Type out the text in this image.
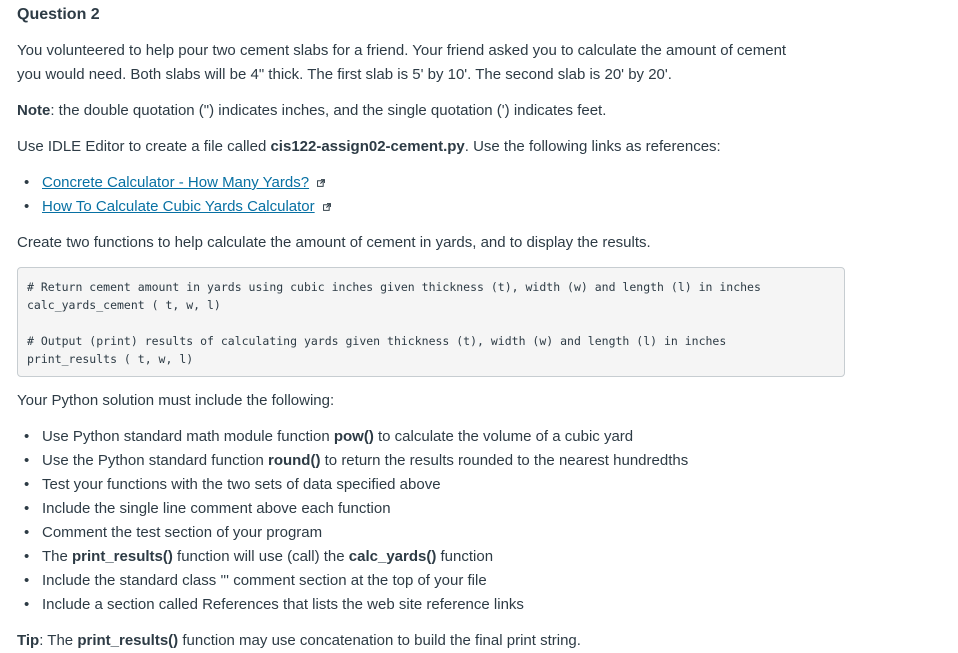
Question 2

You volunteered to help pour two cement slabs for a friend. Your friend asked you to calculate the amount of cement
you would need. Both slabs will be 4" thick. The first slab is 5' by 10'. The second slab is 20' by 20'.

Note: the double quotation (") indicates inches, and the single quotation (') indicates feet.

Use IDLE Editor to create a file called cis122-assign02-cement.py. Use the following links as references:

• Concrete Calculator - How Many Yards?
• How To Calculate Cubic Yards Calculator

Create two functions to help calculate the amount of cement in yards, and to display the results.

# Return cement amount in yards using cubic inches given thickness (t), width (w) and length (l) in inches
calc_yards_cement ( t, w, l)

# Output (print) results of calculating yards given thickness (t), width (w) and length (l) in inches
print_results ( t, w, l)

Your Python solution must include the following:

• Use Python standard math module function pow() to calculate the volume of a cubic yard
• Use the Python standard function round() to return the results rounded to the nearest hundredths
• Test your functions with the two sets of data specified above
• Include the single line comment above each function
• Comment the test section of your program
• The print_results() function will use (call) the calc_yards() function
• Include the standard class ''' comment section at the top of your file
• Include a section called References that lists the web site reference links

Tip: The print_results() function may use concatenation to build the final print string.
